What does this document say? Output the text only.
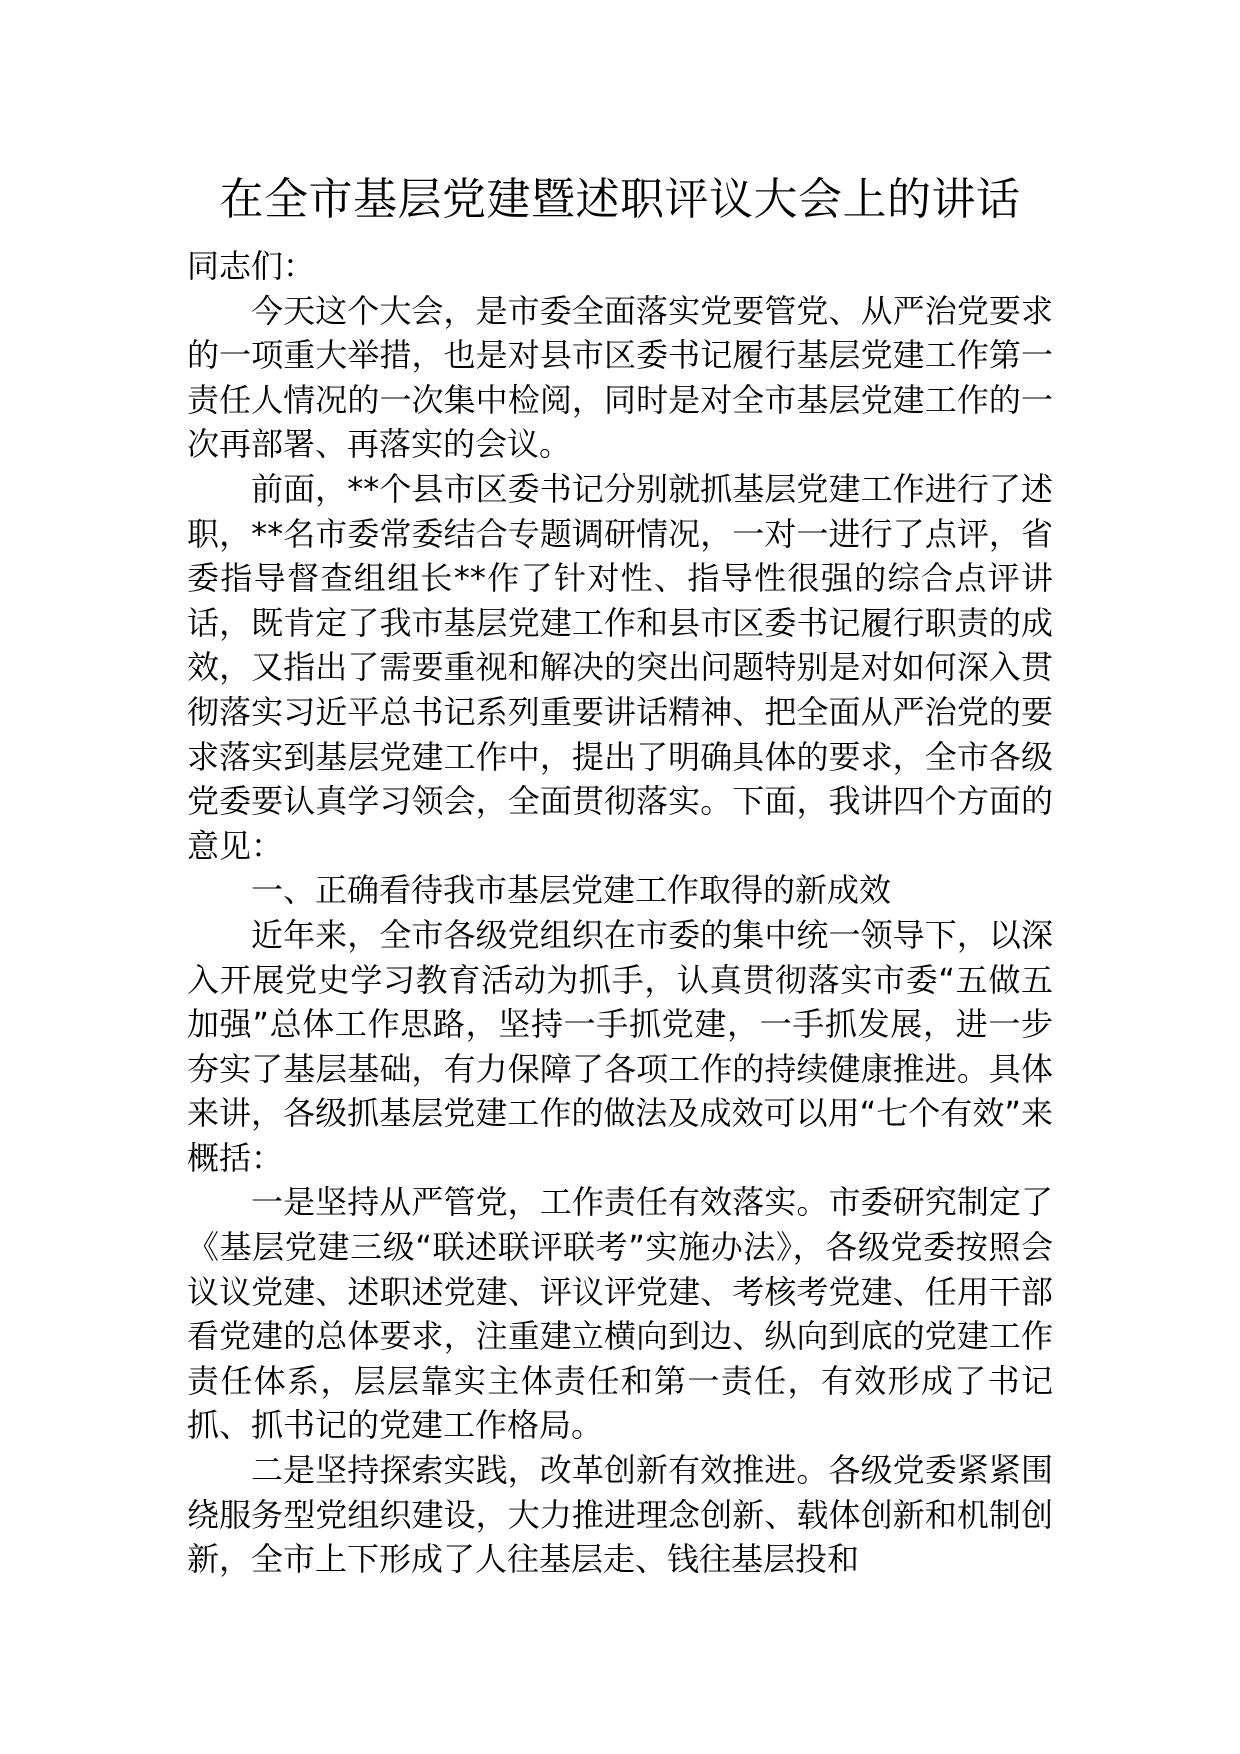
在全市基层党建暨述职评议大会上的讲话

同志们：

今天这个大会，是市委全面落实党要管党、从严治党要求的一项重大举措，也是对县市区委书记履行基层党建工作第一责任人情况的一次集中检阅，同时是对全市基层党建工作的一次再部署、再落实的会议。

前面，**个县市区委书记分别就抓基层党建工作进行了述职，**名市委常委结合专题调研情况，一对一进行了点评，省委指导督查组组长**作了针对性、指导性很强的综合点评讲话，既肯定了我市基层党建工作和县市区委书记履行职责的成效，又指出了需要重视和解决的突出问题特别是对如何深入贯彻落实习近平总书记系列重要讲话精神、把全面从严治党的要求落实到基层党建工作中，提出了明确具体的要求，全市各级党委要认真学习领会，全面贯彻落实。下面，我讲四个方面的意见：

一、正确看待我市基层党建工作取得的新成效

近年来，全市各级党组织在市委的集中统一领导下，以深入开展党史学习教育活动为抓手，认真贯彻落实市委“五做五加强”总体工作思路，坚持一手抓党建，一手抓发展，进一步夯实了基层基础，有力保障了各项工作的持续健康推进。具体来讲，各级抓基层党建工作的做法及成效可以用“七个有效”来概括：

一是坚持从严管党，工作责任有效落实。市委研究制定了《基层党建三级“联述联评联考”实施办法》，各级党委按照会议议党建、述职述党建、评议评党建、考核考党建、任用干部看党建的总体要求，注重建立横向到边、纵向到底的党建工作责任体系，层层靠实主体责任和第一责任，有效形成了书记抓、抓书记的党建工作格局。

二是坚持探索实践，改革创新有效推进。各级党委紧紧围绕服务型党组织建设，大力推进理念创新、载体创新和机制创新，全市上下形成了人往基层走、钱往基层投和
